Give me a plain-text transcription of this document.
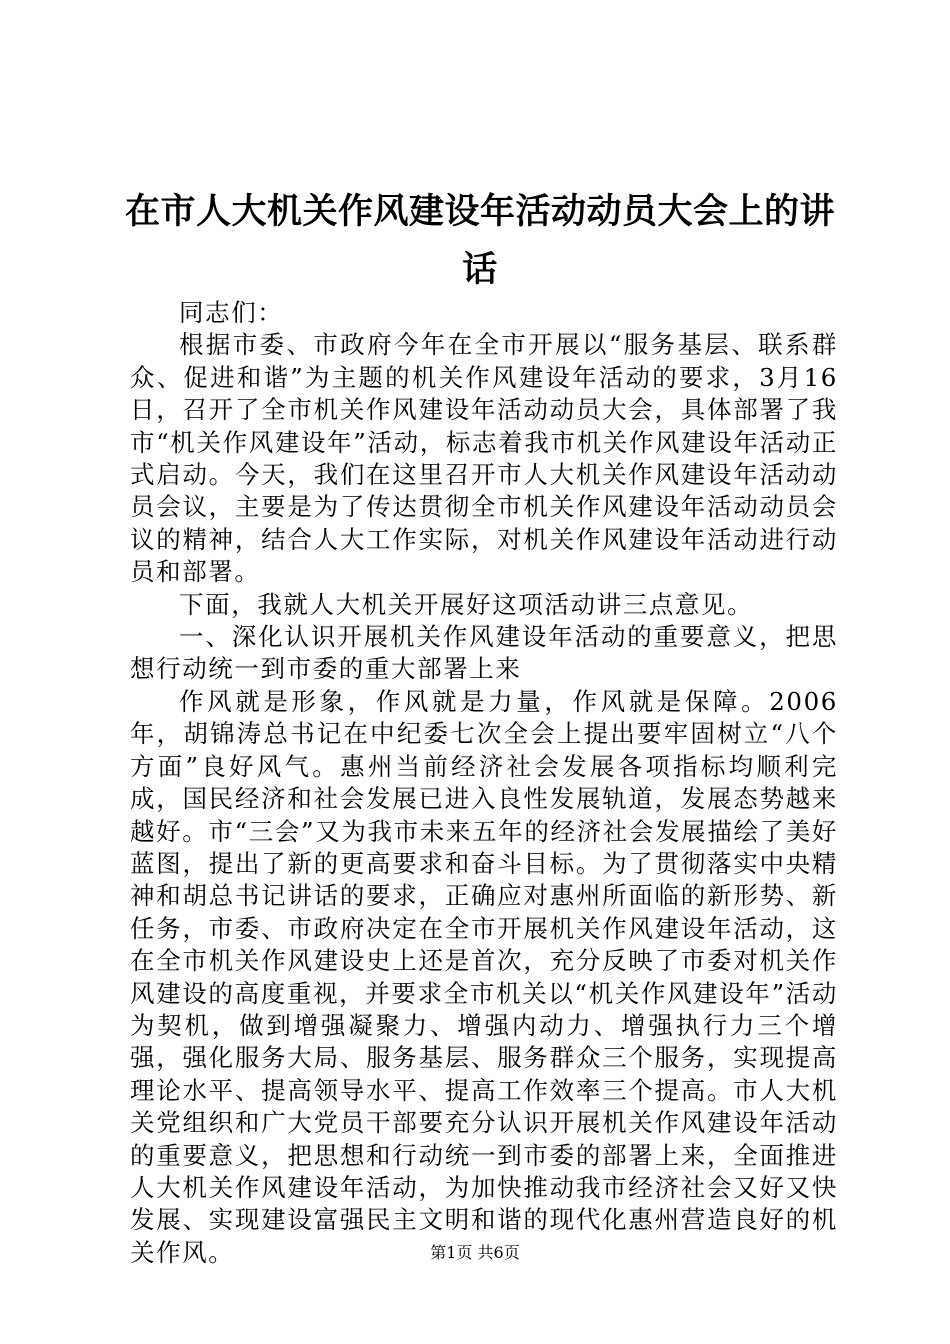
在市人大机关作风建设年活动动员大会上的讲话

同志们：

根据市委、市政府今年在全市开展以“服务基层、联系群众、促进和谐”为主题的机关作风建设年活动的要求，3月16日，召开了全市机关作风建设年活动动员大会，具体部署了我市“机关作风建设年”活动，标志着我市机关作风建设年活动正式启动。今天，我们在这里召开市人大机关作风建设年活动动员会议，主要是为了传达贯彻全市机关作风建设年活动动员会议的精神，结合人大工作实际，对机关作风建设年活动进行动员和部署。

下面，我就人大机关开展好这项活动讲三点意见。

一、深化认识开展机关作风建设年活动的重要意义，把思想行动统一到市委的重大部署上来

作风就是形象，作风就是力量，作风就是保障。2006年，胡锦涛总书记在中纪委七次全会上提出要牢固树立“八个方面”良好风气。惠州当前经济社会发展各项指标均顺利完成，国民经济和社会发展已进入良性发展轨道，发展态势越来越好。市“三会”又为我市未来五年的经济社会发展描绘了美好蓝图，提出了新的更高要求和奋斗目标。为了贯彻落实中央精神和胡总书记讲话的要求，正确应对惠州所面临的新形势、新任务，市委、市政府决定在全市开展机关作风建设年活动，这在全市机关作风建设史上还是首次，充分反映了市委对机关作风建设的高度重视，并要求全市机关以“机关作风建设年”活动为契机，做到增强凝聚力、增强内动力、增强执行力三个增强，强化服务大局、服务基层、服务群众三个服务，实现提高理论水平、提高领导水平、提高工作效率三个提高。市人大机关党组织和广大党员干部要充分认识开展机关作风建设年活动的重要意义，把思想和行动统一到市委的部署上来，全面推进人大机关作风建设年活动，为加快推动我市经济社会又好又快发展、实现建设富强民主文明和谐的现代化惠州营造良好的机关作风。	第1页 共6页
